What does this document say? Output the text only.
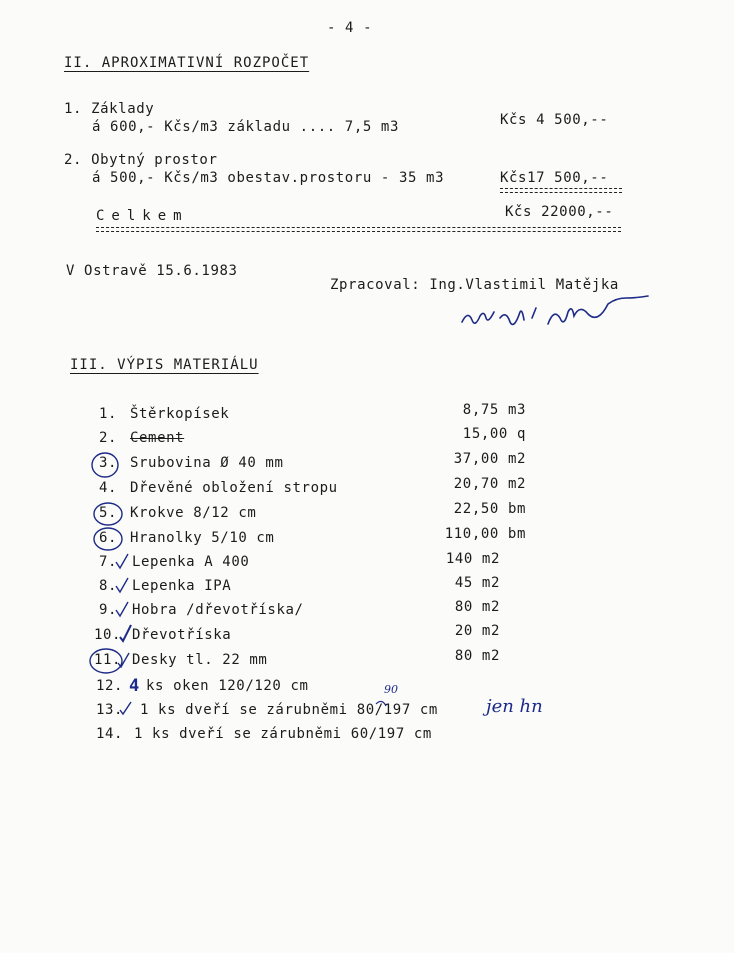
- 4 -
II. APROXIMATIVNÍ ROZPOČET
1. Základy
á 600,- Kčs/m3 základu .... 7,5 m3	Kčs 4 500,--
2. Obytný prostor
á 500,- Kčs/m3 obestav.prostoru - 35 m3	Kčs17 500,--
Celkem	Kčs 22000,--
V Ostravě 15.6.1983
Zpracoval: Ing.Vlastimil Matějka
III. VÝPIS MATERIÁLU
1. Štěrkopísek	8,75 m3
2. Cement	15,00 q
3. Srubovina Ø 40 mm	37,00 m2
4. Dřevěné obložení stropu	20,70 m2
5. Krokve 8/12 cm	22,50 bm
6. Hranolky 5/10 cm	110,00 bm
7. Lepenka A 400	140 m2
8. Lepenka IPA	45 m2
9. Hobra /dřevotříska/	80 m2
10. Dřevotříska	20 m2
11. Desky tl. 22 mm	80 m2
12. 4 ks oken 120/120 cm
13. 1 ks dveří se zárubněmi 80/197 cm
14. 1 ks dveří se zárubněmi 60/197 cm
90
jen hn
